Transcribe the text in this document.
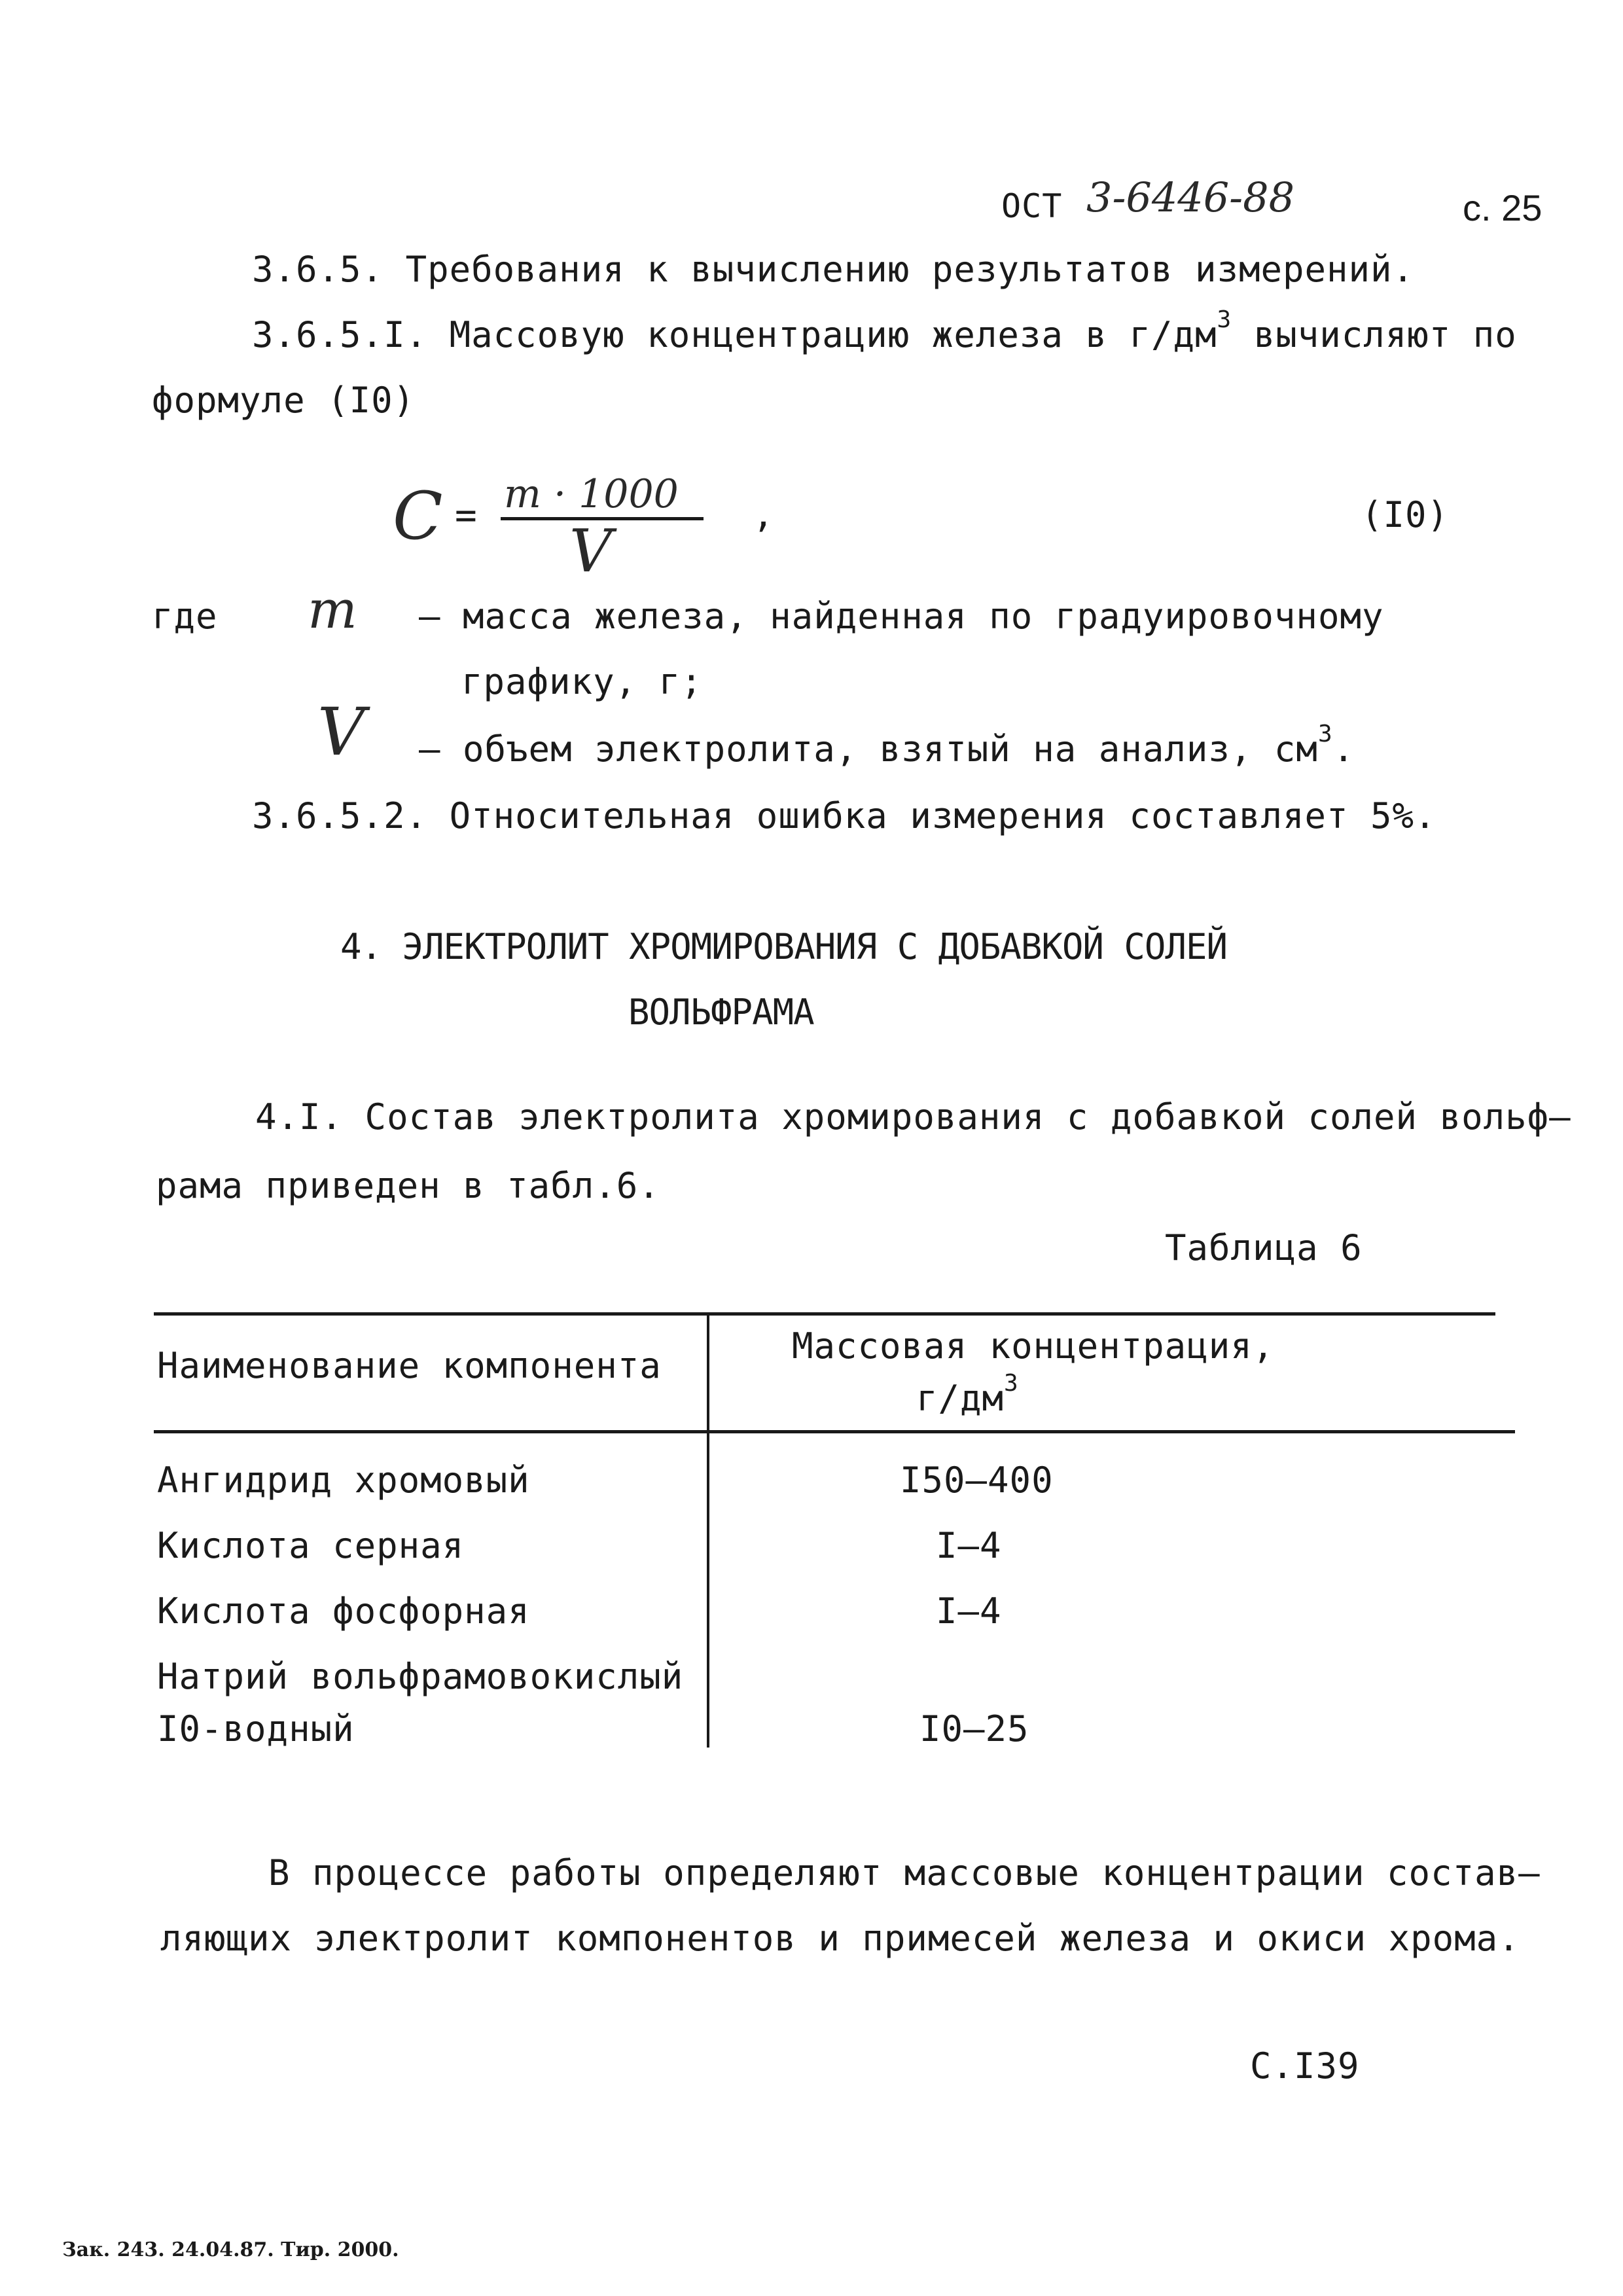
ОСТ 3-6446-88	с. 25
3.6.5. Требования к вычислению результатов измерений.
3.6.5.I. Массовую концентрацию железа в $г/дм^3$ вычисляют по
формуле (I0)
C = m · 1000
V
,	(I0)
где m – масса железа, найденная по градуировочному
графику, г;
V – объем электролита, взятый на анализ, $см^3$.
3.6.5.2. Относительная ошибка измерения составляет 5%.
4. ЭЛЕКТРОЛИТ ХРОМИРОВАНИЯ С ДОБАВКОЙ СОЛЕЙ
ВОЛЬФРАМА
4.I. Состав электролита хромирования с добавкой солей вольф–
рама приведен в табл.6.
Таблица 6
Наименование компонента	Массовая концентрация,
$г/дм^3$
Ангидрид хромовый	I50–400
Кислота серная	I–4
Кислота фосфорная	I–4
Натрий вольфрамовокислый
I0-водный	I0–25
В процессе работы определяют массовые концентрации состав–
ляющих электролит компонентов и примесей железа и окиси хрома.
С.I39
Зак. 243. 24.04.87. Тир. 2000.
